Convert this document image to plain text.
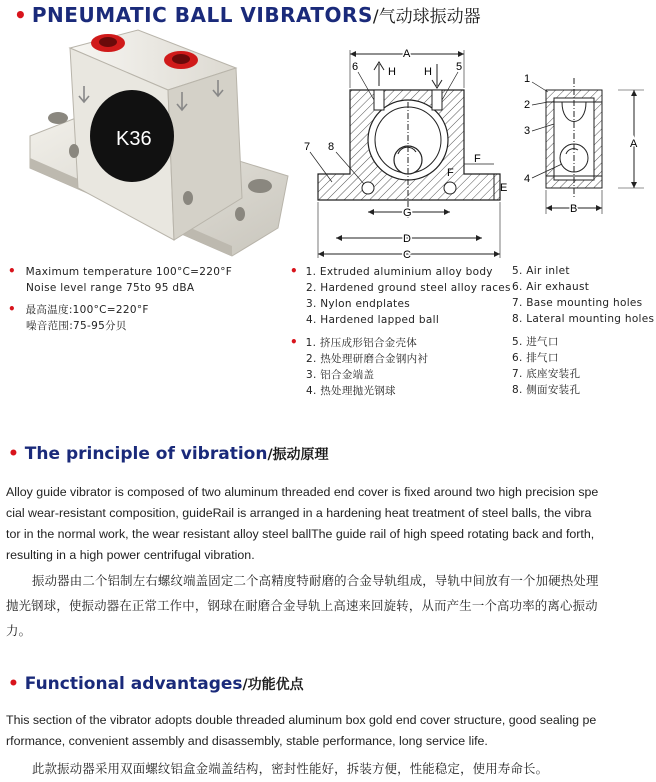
• PNEUMATIC BALL VIBRATORS/气动球振动器
K36
H	H
A
6	5
7 8
F
F
E
G
D
C
1
2
3
4
A
B
• Maximum temperature 100°C=220°F
Noise level range 75to 95 dBA
• 最高温度:100°C=220°F
噪音范围:75-95分贝
• 1. Extruded aluminium alloy body
2. Hardened ground steel alloy races
3. Nylon endplates
4. Hardened lapped ball
5. Air inlet
6. Air exhaust
7. Base mounting holes
8. Lateral mounting holes
• 1. 挤压成形铝合金壳体
2. 热处理研磨合金钢内衬
3. 铝合金端盖
4. 热处理抛光钢球
5. 进气口
6. 排气口
7. 底座安装孔
8. 侧面安装孔
• The principle of vibration/振动原理
Alloy guide vibrator is composed of two aluminum threaded end cover is fixed around two high precision spe
cial wear-resistant composition, guideRail is arranged in a hardening heat treatment of steel balls, the vibra
tor in the normal work, the wear resistant alloy steel ballThe guide rail of high speed rotating back and forth,
resulting in a high power centrifugal vibration.
振动器由二个铝制左右螺纹端盖固定二个高精度特耐磨的合金导轨组成，导轨中间放有一个加硬热处理
抛光钢球，使振动器在正常工作中，钢球在耐磨合金导轨上高速来回旋转，从而产生一个高功率的离心振动
力。
• Functional advantages/功能优点
This section of the vibrator adopts double threaded aluminum box gold end cover structure, good sealing pe
rformance, convenient assembly and disassembly, stable performance, long service life.
此款振动器采用双面螺纹铝盒金端盖结构，密封性能好，拆装方便，性能稳定，使用寿命长。
